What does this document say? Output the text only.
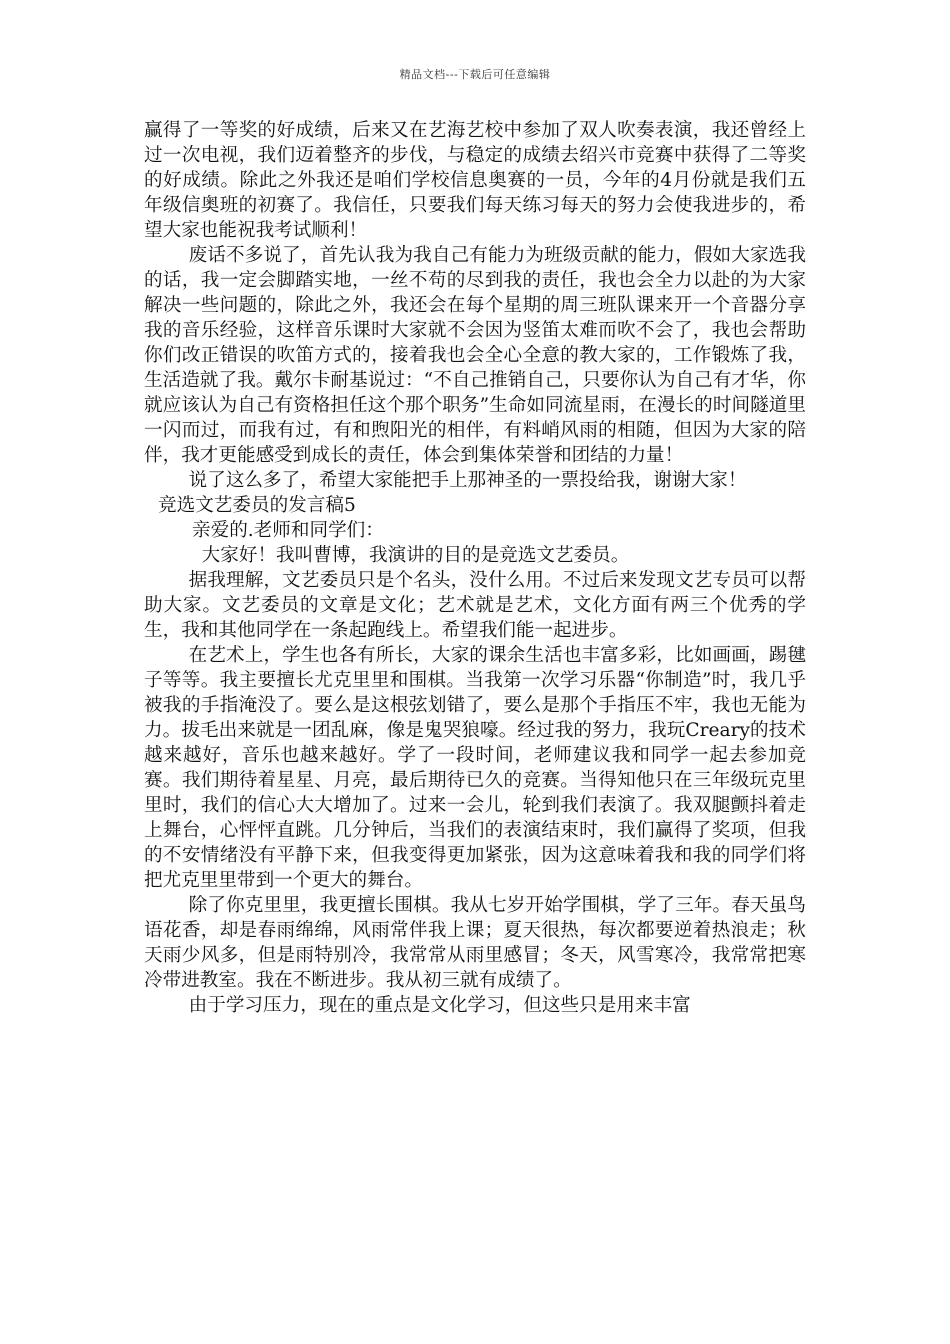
精品文档---下载后可任意编辑

赢得了一等奖的好成绩，后来又在艺海艺校中参加了双人吹奏表演，我还曾经上过一次电视，我们迈着整齐的步伐，与稳定的成绩去绍兴市竞赛中获得了二等奖的好成绩。除此之外我还是咱们学校信息奥赛的一员，今年的4月份就是我们五年级信奥班的初赛了。我信任，只要我们每天练习每天的努力会使我进步的，希望大家也能祝我考试顺利！

废话不多说了，首先认我为我自己有能力为班级贡献的能力，假如大家选我的话，我一定会脚踏实地，一丝不苟的尽到我的责任，我也会全力以赴的为大家解决一些问题的，除此之外，我还会在每个星期的周三班队课来开一个音器分享我的音乐经验，这样音乐课时大家就不会因为竖笛太难而吹不会了，我也会帮助你们改正错误的吹笛方式的，接着我也会全心全意的教大家的，工作锻炼了我，生活造就了我。戴尔卡耐基说过：“不自己推销自己，只要你认为自己有才华，你就应该认为自己有资格担任这个那个职务”生命如同流星雨，在漫长的时间隧道里一闪而过，而我有过，有和煦阳光的相伴，有料峭风雨的相随，但因为大家的陪伴，我才更能感受到成长的责任，体会到集体荣誉和团结的力量！

说了这么多了，希望大家能把手上那神圣的一票投给我，谢谢大家！

竞选文艺委员的发言稿5

亲爱的.老师和同学们：

大家好！我叫曹博，我演讲的目的是竞选文艺委员。

据我理解，文艺委员只是个名头，没什么用。不过后来发现文艺专员可以帮助大家。文艺委员的文章是文化；艺术就是艺术，文化方面有两三个优秀的学生，我和其他同学在一条起跑线上。希望我们能一起进步。

在艺术上，学生也各有所长，大家的课余生活也丰富多彩，比如画画，踢毽子等等。我主要擅长尤克里里和围棋。当我第一次学习乐器“你制造”时，我几乎被我的手指淹没了。要么是这根弦划错了，要么是那个手指压不牢，我也无能为力。拔毛出来就是一团乱麻，像是鬼哭狼嚎。经过我的努力，我玩Creary的技术越来越好，音乐也越来越好。学了一段时间，老师建议我和同学一起去参加竞赛。我们期待着星星、月亮，最后期待已久的竞赛。当得知他只在三年级玩克里里时，我们的信心大大增加了。过来一会儿，轮到我们表演了。我双腿颤抖着走上舞台，心怦怦直跳。几分钟后，当我们的表演结束时，我们赢得了奖项，但我的不安情绪没有平静下来，但我变得更加紧张，因为这意味着我和我的同学们将把尤克里里带到一个更大的舞台。

除了你克里里，我更擅长围棋。我从七岁开始学围棋，学了三年。春天虽鸟语花香，却是春雨绵绵，风雨常伴我上课；夏天很热，每次都要逆着热浪走；秋天雨少风多，但是雨特别冷，我常常从雨里感冒；冬天，风雪寒冷，我常常把寒冷带进教室。我在不断进步。我从初三就有成绩了。

由于学习压力，现在的重点是文化学习，但这些只是用来丰富
